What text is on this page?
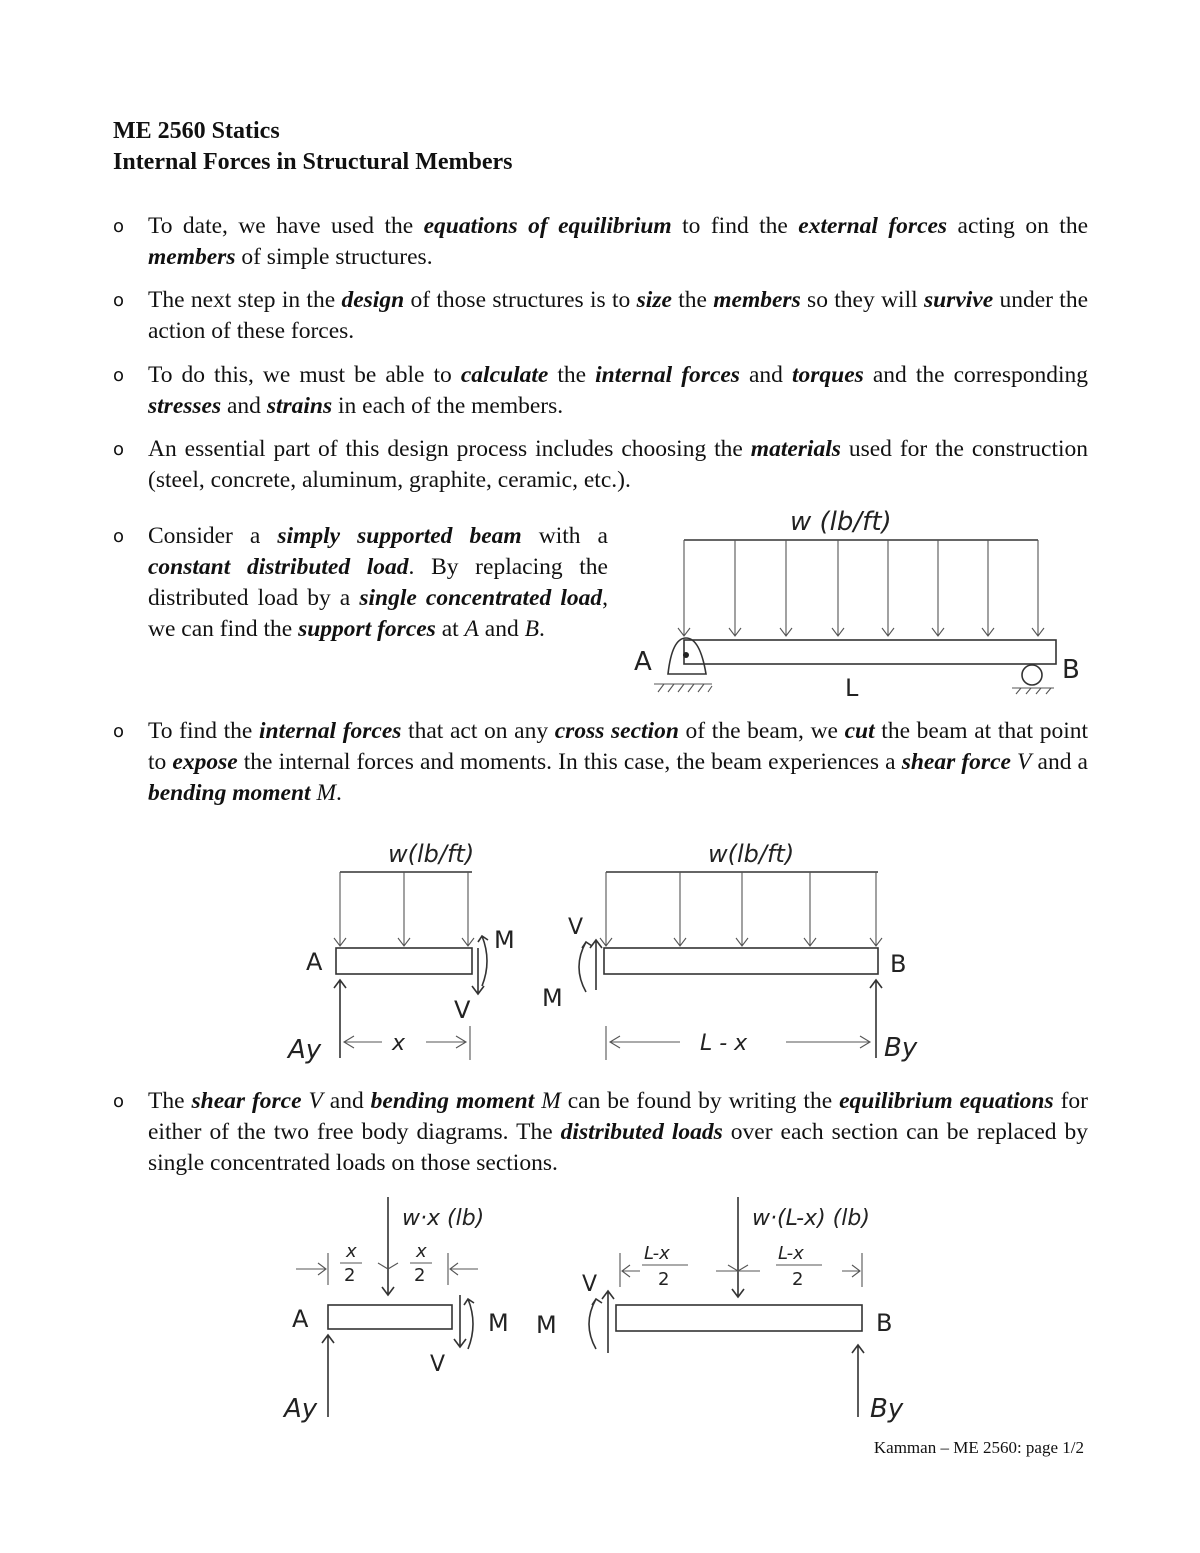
ME 2560 Statics
Internal Forces in Structural Members
o To date, we have used the equations of equilibrium to find the external forces acting on the members of simple structures.
o The next step in the design of those structures is to size the members so they will survive under the action of these forces.
o To do this, we must be able to calculate the internal forces and torques and the corresponding stresses and strains in each of the members.
o An essential part of this design process includes choosing the materials used for the construction (steel, concrete, aluminum, graphite, ceramic, etc.).
o Consider a simply supported beam with a constant distributed load. By replacing the distributed load by a single concentrated load, we can find the support forces at A and B.
o To find the internal forces that act on any cross section of the beam, we cut the beam at that point to expose the internal forces and moments. In this case, the beam experiences a shear force V and a bending moment M.
o The shear force V and bending moment M can be found by writing the equilibrium equations for either of the two free body diagrams. The distributed loads over each section can be replaced by single concentrated loads on those sections.
w (lb/ft)
A	B
L
w(lb/ft)
A
M
V
Ay	x
w(lb/ft)
B
V
M
By
L - x
w·x (lb)
x
2
x
2
A
V
M
Ay
w·(L-x) (lb)
L-x
2
L-x
2
B
V
M
By
Kamman – ME 2560: page 1/2
